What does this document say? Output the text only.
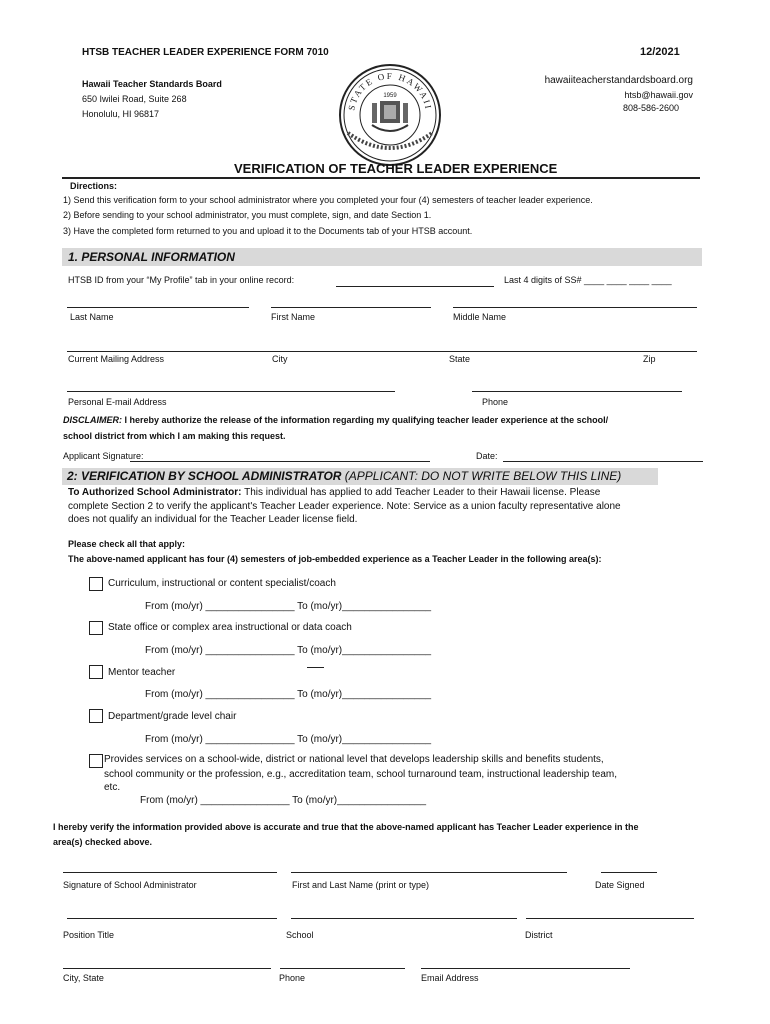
HTSB TEACHER LEADER EXPERIENCE FORM 7010	12/2021
Hawaii Teacher Standards Board
650 Iwilei Road, Suite 268
Honolulu, HI 96817
STATE OF HAWAII
1959
hawaiiteacherstandardsboard.org
htsb@hawaii.gov
808-586-2600
VERIFICATION OF TEACHER LEADER EXPERIENCE
Directions:
1) Send this verification form to your school administrator where you completed your four (4) semesters of teacher leader experience.
2) Before sending to your school administrator, you must complete, sign, and date Section 1.
3) Have the completed form returned to you and upload it to the Documents tab of your HTSB account.
1. PERSONAL INFORMATION
HTSB ID from your “My Profile” tab in your online record:	Last 4 digits of SS# ____ ____ ____ ____
Last Name	First Name	Middle Name
Current Mailing Address	City	State	Zip
Personal E-mail Address	Phone
DISCLAIMER: I hereby authorize the release of the information regarding my qualifying teacher leader experience at the school/
school district from which I am making this request.
Applicant Signature:	Date:
2: VERIFICATION BY SCHOOL ADMINISTRATOR (APPLICANT: DO NOT WRITE BELOW THIS LINE)
To Authorized School Administrator: This individual has applied to add Teacher Leader to their Hawaii license. Please
complete Section 2 to verify the applicant's Teacher Leader experience. Note: Service as a union faculty representative alone
does not qualify an individual for the Teacher Leader license field.
Please check all that apply:
The above-named applicant has four (4) semesters of job-embedded experience as a Teacher Leader in the following area(s):
Curriculum, instructional or content specialist/coach
From (mo/yr) ________________ To (mo/yr)________________
State office or complex area instructional or data coach
From (mo/yr) ________________ To (mo/yr)________________
Mentor teacher
From (mo/yr) ________________ To (mo/yr)________________
Department/grade level chair
From (mo/yr) ________________ To (mo/yr)________________
Provides services on a school-wide, district or national level that develops leadership skills and benefits students,
school community or the profession, e.g., accreditation team, school turnaround team, instructional leadership team,
etc.
From (mo/yr) ________________ To (mo/yr)________________
I hereby verify the information provided above is accurate and true that the above-named applicant has Teacher Leader experience in the
area(s) checked above.
Signature of School Administrator	First and Last Name (print or type)	Date Signed
Position Title	School	District
City, State	Phone	Email Address
